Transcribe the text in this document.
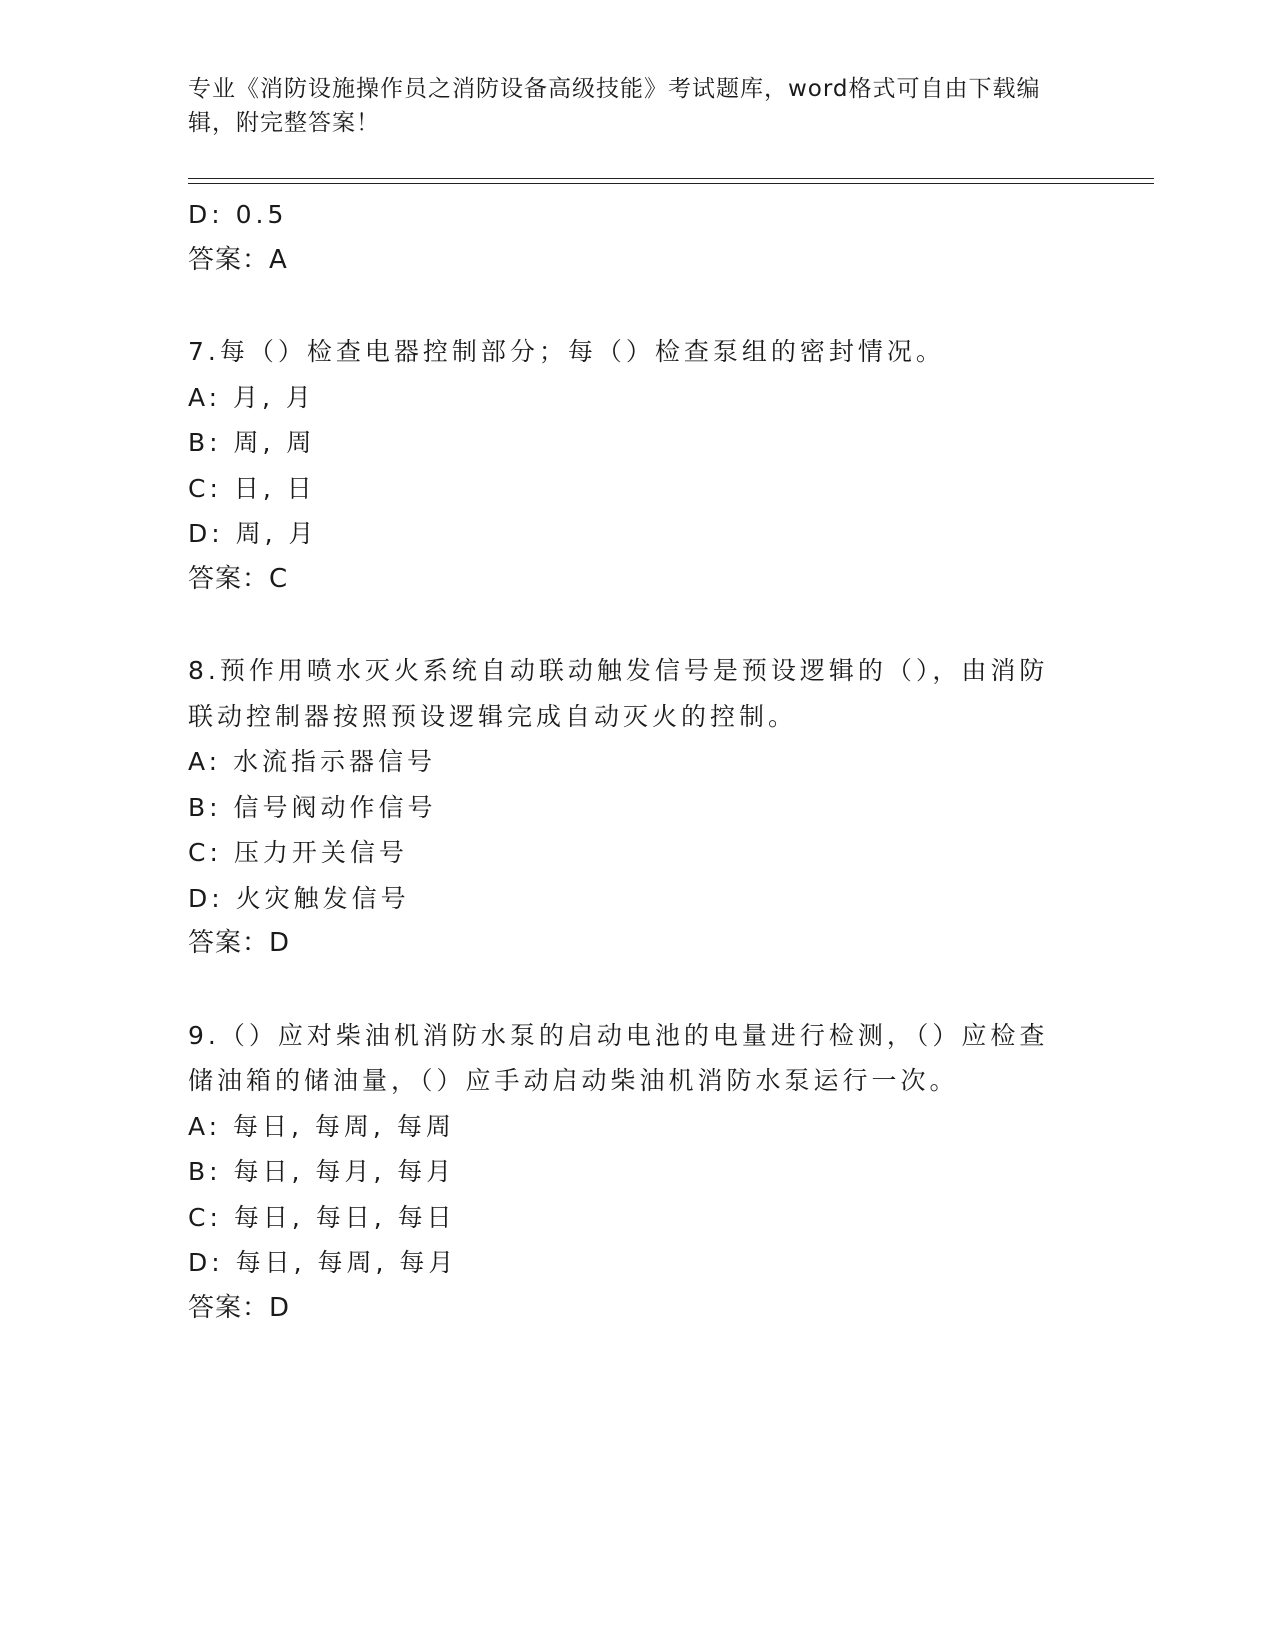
专业《消防设施操作员之消防设备高级技能》考试题库，word格式可自由下载编辑，附完整答案！
D: 0.5
答案：A
7.每（）检查电器控制部分；每（）检查泵组的密封情况。
A: 月, 月
B: 周, 周
C: 日, 日
D: 周, 月
答案：C
8.预作用喷水灭火系统自动联动触发信号是预设逻辑的（），由消防联动控制器按照预设逻辑完成自动灭火的控制。
A: 水流指示器信号
B: 信号阀动作信号
C: 压力开关信号
D: 火灾触发信号
答案：D
9.（）应对柴油机消防水泵的启动电池的电量进行检测，（）应检查储油箱的储油量，（）应手动启动柴油机消防水泵运行一次。
A: 每日, 每周, 每周
B: 每日, 每月, 每月
C: 每日, 每日, 每日
D: 每日, 每周, 每月
答案：D
